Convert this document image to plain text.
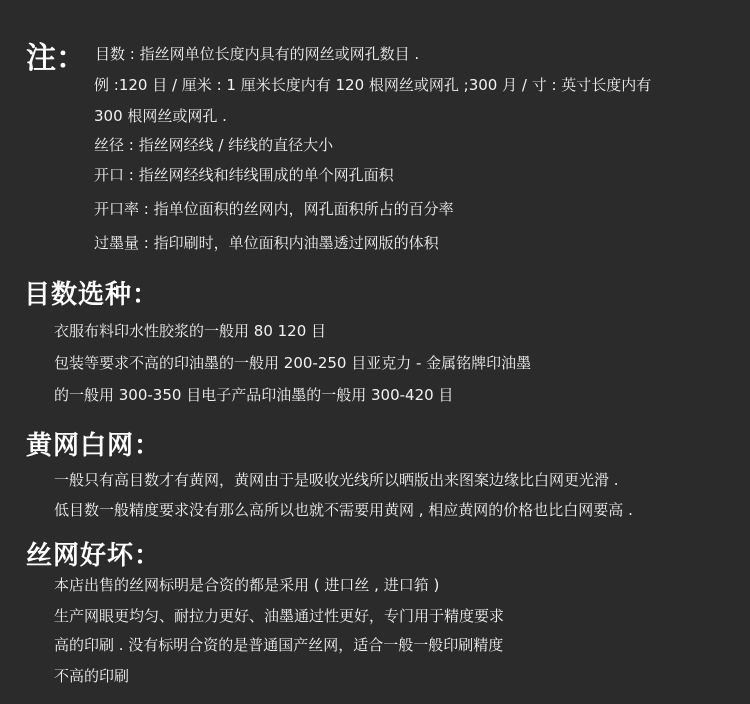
注： 目数 : 指丝网单位长度内具有的网丝或网孔数目 .
例 :120 目 / 厘米 : 1 厘米长度内有 120 根网丝或网孔 ;300 月 / 寸 : 英寸长度内有
300 根网丝或网孔 .
丝径 : 指丝网经线 / 纬线的直径大小
开口 : 指丝网经线和纬线围成的单个网孔面积
开口率 : 指单位面积的丝网内，网孔面积所占的百分率
过墨量 : 指印刷时，单位面积内油墨透过网版的体积
目数选种：
衣服布料印水性胶浆的一般用 80 120 目
包装等要求不高的印油墨的一般用 200-250 目亚克力 - 金属铭牌印油墨
的一般用 300-350 目电子产品印油墨的一般用 300-420 目
黄网白网：
一般只有高目数才有黄网，黄网由于是吸收光线所以晒版出来图案边缘比白网更光滑 .
低目数一般精度要求没有那么高所以也就不需要用黄网 , 相应黄网的价格也比白网要高 .
丝网好坏：
本店出售的丝网标明是合资的都是采用 ( 进口丝 , 进口筘 )
生产网眼更均匀、耐拉力更好、油墨通过性更好，专门用于精度要求
高的印刷 . 没有标明合资的是普通国产丝网，适合一般一般印刷精度
不高的印刷
